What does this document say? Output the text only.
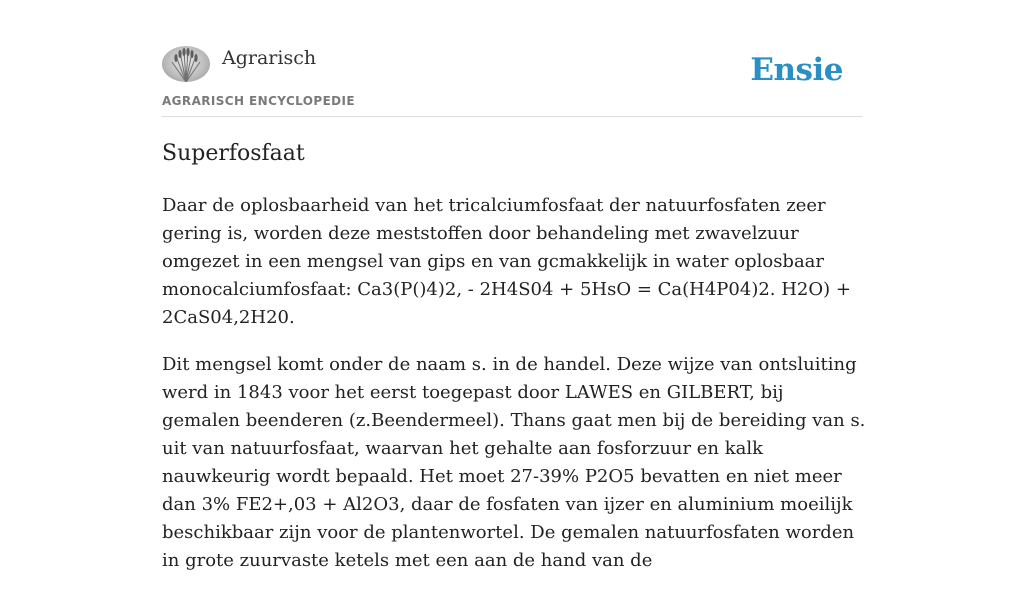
Agrarisch
AGRARISCH ENCYCLOPEDIE
Ensie
Superfosfaat

Daar de oplosbaarheid van het tricalciumfosfaat der natuurfosfaten zeer gering is, worden deze meststoffen door behandeling met zwavelzuur omgezet in een mengsel van gips en van gcmakkelijk in water oplosbaar monocalciumfosfaat: Ca3(P()4)2, - 2H4S04 + 5HsO = Ca(H4P04)2. H2O) + 2CaS04,2H20.

Dit mengsel komt onder de naam s. in de handel. Deze wijze van ontsluiting werd in 1843 voor het eerst toegepast door LAWES en GILBERT, bij gemalen beenderen (z.Beendermeel). Thans gaat men bij de bereiding van s. uit van natuurfosfaat, waarvan het gehalte aan fosforzuur en kalk nauwkeurig wordt bepaald. Het moet 27-39% P2O5 bevatten en niet meer dan 3% FE2+,03 + Al2O3, daar de fosfaten van ijzer en aluminium moeilijk beschikbaar zijn voor de plantenwortel. De gemalen natuurfosfaten worden in grote zuurvaste ketels met een aan de hand van de
